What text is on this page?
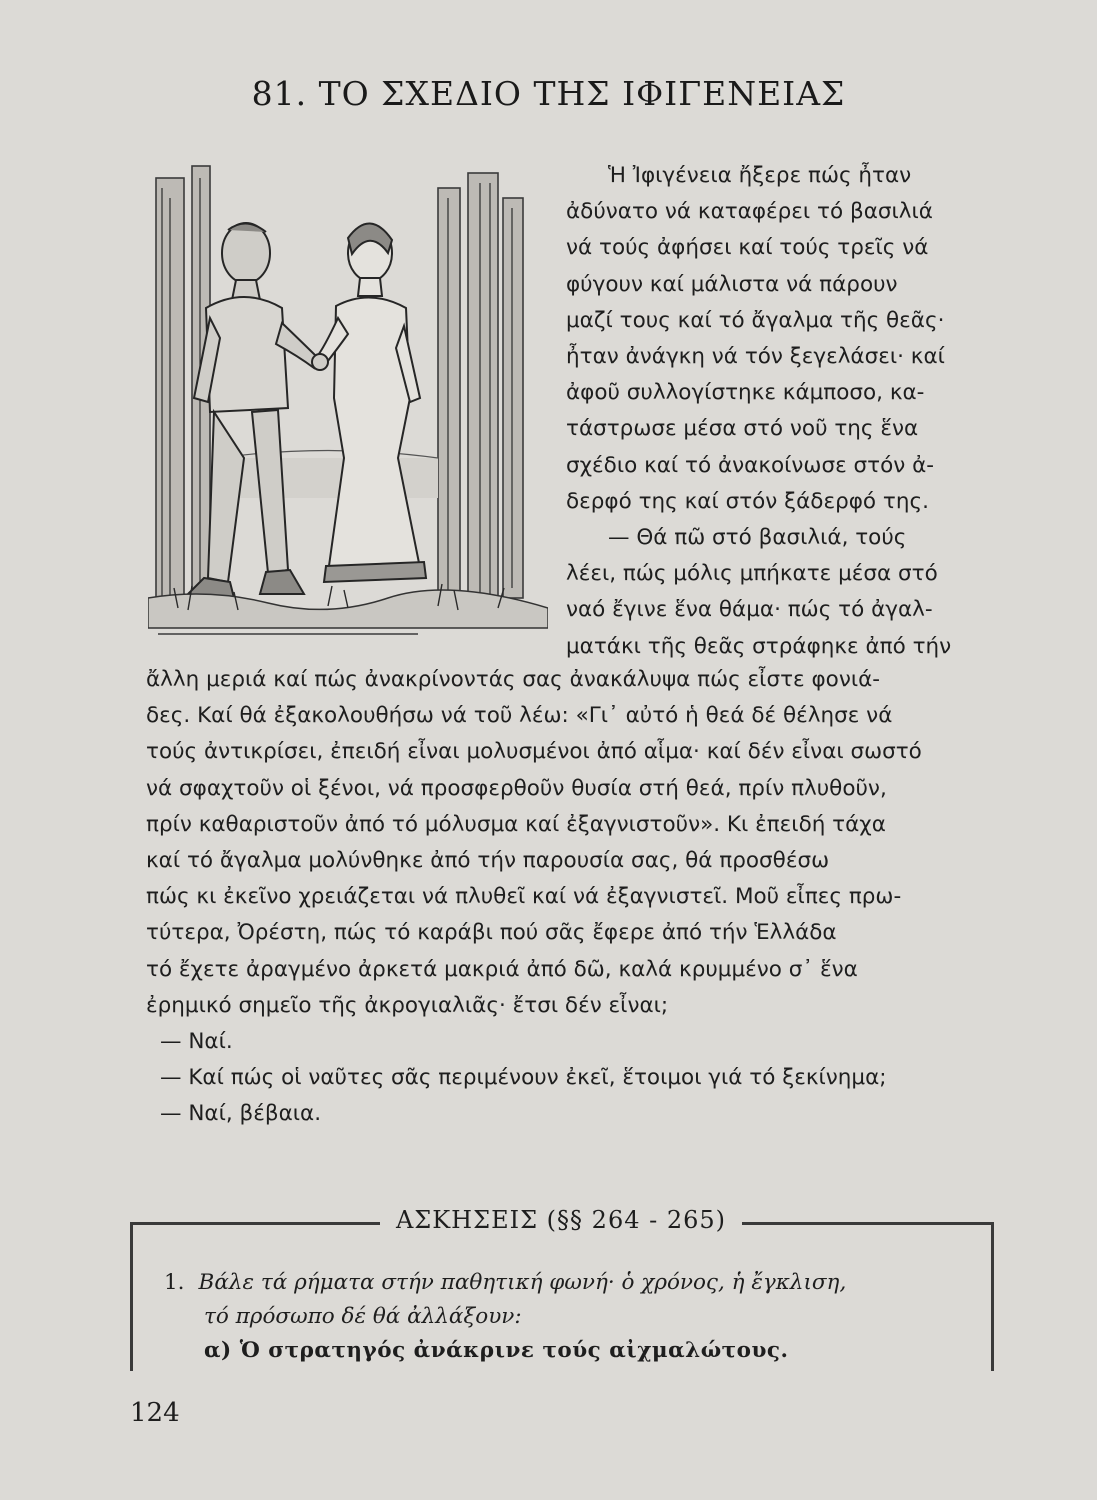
81. ΤΟ ΣΧΕΔΙΟ ΤΗΣ ΙΦΙΓΕΝΕΙΑΣ

Ἡ Ἰφιγένεια ἤξερε πώς ἦταν

ἀδύνατο νά καταφέρει τό βασιλιά

νά τούς ἀφήσει καί τούς τρεῖς νά

φύγουν καί μάλιστα νά πάρουν

μαζί τους καί τό ἄγαλμα τῆς θεᾶς·

ἦταν ἀνάγκη νά τόν ξεγελάσει· καί

ἀφοῦ συλλογίστηκε κάμποσο, κα-

τάστρωσε μέσα στό νοῦ της ἕνα

σχέδιο καί τό ἀνακοίνωσε στόν ἀ-

δερφό της καί στόν ξάδερφό της.

— Θά πῶ στό βασιλιά, τούς

λέει, πώς μόλις μπήκατε μέσα στό

ναό ἔγινε ἕνα θάμα· πώς τό ἀγαλ-

ματάκι τῆς θεᾶς στράφηκε ἀπό τήν

ἄλλη μεριά καί πώς ἀνακρίνοντάς σας ἀνακάλυψα πώς εἶστε φονιά-

δες. Καί θά ἐξακολουθήσω νά τοῦ λέω: «Γι᾽ αὐτό ἡ θεά δέ θέλησε νά

τούς ἀντικρίσει, ἐπειδή εἶναι μολυσμένοι ἀπό αἷμα· καί δέν εἶναι σωστό

νά σφαχτοῦν οἱ ξένοι, νά προσφερθοῦν θυσία στή θεά, πρίν πλυθοῦν,

πρίν καθαριστοῦν ἀπό τό μόλυσμα καί ἐξαγνιστοῦν». Κι ἐπειδή τάχα

καί τό ἄγαλμα μολύνθηκε ἀπό τήν παρουσία σας, θά προσθέσω

πώς κι ἐκεῖνο χρειάζεται νά πλυθεῖ καί νά ἐξαγνιστεῖ. Μοῦ εἶπες πρω-

τύτερα, Ὀρέστη, πώς τό καράβι πού σᾶς ἔφερε ἀπό τήν Ἑλλάδα

τό ἔχετε ἀραγμένο ἀρκετά μακριά ἀπό δῶ, καλά κρυμμένο σ᾽ ἕνα

ἐρημικό σημεῖο τῆς ἀκρογιαλιᾶς· ἔτσι δέν εἶναι;

— Ναί.

— Καί πώς οἱ ναῦτες σᾶς περιμένουν ἐκεῖ, ἕτοιμοι γιά τό ξεκίνημα;

— Ναί, βέβαια.

ΑΣΚΗΣΕΙΣ (§§ 264 - 265)
1. Βάλε τά ρήματα στήν παθητική φωνή· ὁ χρόνος, ἡ ἔγκλιση,
τό πρόσωπο δέ θά ἀλλάξουν:
α) Ὁ στρατηγός ἀνάκρινε τούς αἰχμαλώτους.
124
